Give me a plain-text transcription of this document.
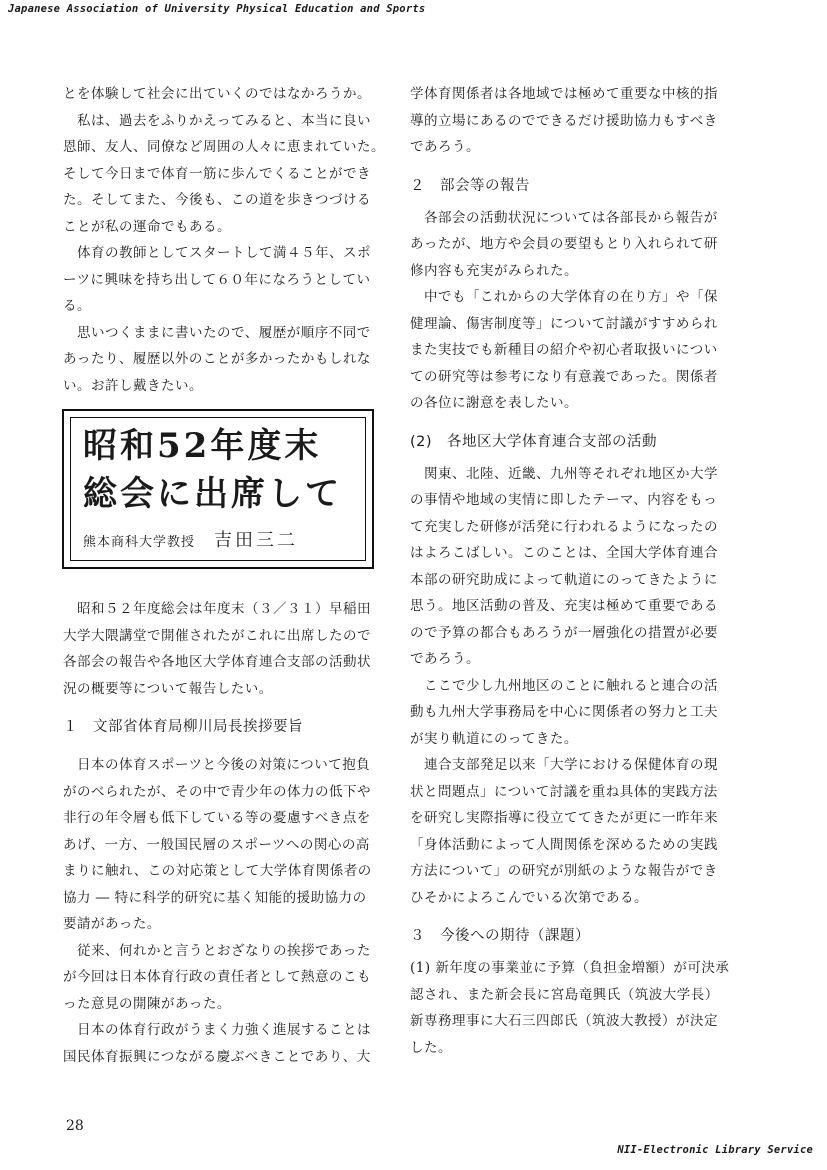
Japanese Association of University Physical Education and Sports

とを体験して社会に出ていくのではなかろうか。

　私は、過去をふりかえってみると、本当に良い

恩師、友人、同僚など周囲の人々に恵まれていた。

そして今日まで体育一筋に歩んでくることができ

た。そしてまた、今後も、この道を歩きつづける

ことが私の運命でもある。

　体育の教師としてスタートして満４５年、スポ

ーツに興味を持ち出して６０年になろうとしてい

る。

　思いつくままに書いたので、履歴が順序不同で

あったり、履歴以外のことが多かったかもしれな

い。お許し戴きたい。

昭和52年度末
総会に出席して
熊本商科大学教授 吉田三二

　昭和５２年度総会は年度末（３／３１）早稲田

大学大隈講堂で開催されたがこれに出席したので

各部会の報告や各地区大学体育連合支部の活動状

況の概要等について報告したい。

１　文部省体育局柳川局長挨拶要旨

　日本の体育スポーツと今後の対策について抱負

がのべられたが、その中で青少年の体力の低下や

非行の年令層も低下している等の憂慮すべき点を

あげ、一方、一般国民層のスポーツへの関心の高

まりに触れ、この対応策として大学体育関係者の

協力 ― 特に科学的研究に基く知能的援助協力の

要請があった。

　従来、何れかと言うとおざなりの挨拶であった

が今回は日本体育行政の責任者として熱意のこも

った意見の開陳があった。

　日本の体育行政がうまく力強く進展することは

国民体育振興につながる慶ぶべきことであり、大

学体育関係者は各地域では極めて重要な中核的指

導的立場にあるのでできるだけ援助協力もすべき

であろう。

２　部会等の報告

　各部会の活動状況については各部長から報告が

あったが、地方や会員の要望もとり入れられて研

修内容も充実がみられた。

　中でも「これからの大学体育の在り方」や「保

健理論、傷害制度等」について討議がすすめられ

また実技でも新種目の紹介や初心者取扱いについ

ての研究等は参考になり有意義であった。関係者

の各位に謝意を表したい。

(2)　各地区大学体育連合支部の活動

　関東、北陸、近畿、九州等それぞれ地区か大学

の事情や地域の実情に即したテーマ、内容をもっ

て充実した研修が活発に行われるようになったの

はよろこばしい。このことは、全国大学体育連合

本部の研究助成によって軌道にのってきたように

思う。地区活動の普及、充実は極めて重要である

ので予算の都合もあろうが一層強化の措置が必要

であろう。

　ここで少し九州地区のことに触れると連合の活

動も九州大学事務局を中心に関係者の努力と工夫

が実り軌道にのってきた。

　連合支部発足以来「大学における保健体育の現

状と問題点」について討議を重ね具体的実践方法

を研究し実際指導に役立ててきたが更に一昨年来

「身体活動によって人間関係を深めるための実践

方法について」の研究が別紙のような報告ができ

ひそかによろこんでいる次第である。

３　今後への期待（課題）

(1) 新年度の事業並に予算（負担金増額）が可決承

認され、また新会長に宮島竜興氏（筑波大学長）

新専務理事に大石三四郎氏（筑波大教授）が決定

した。

28
NII-Electronic Library Service
